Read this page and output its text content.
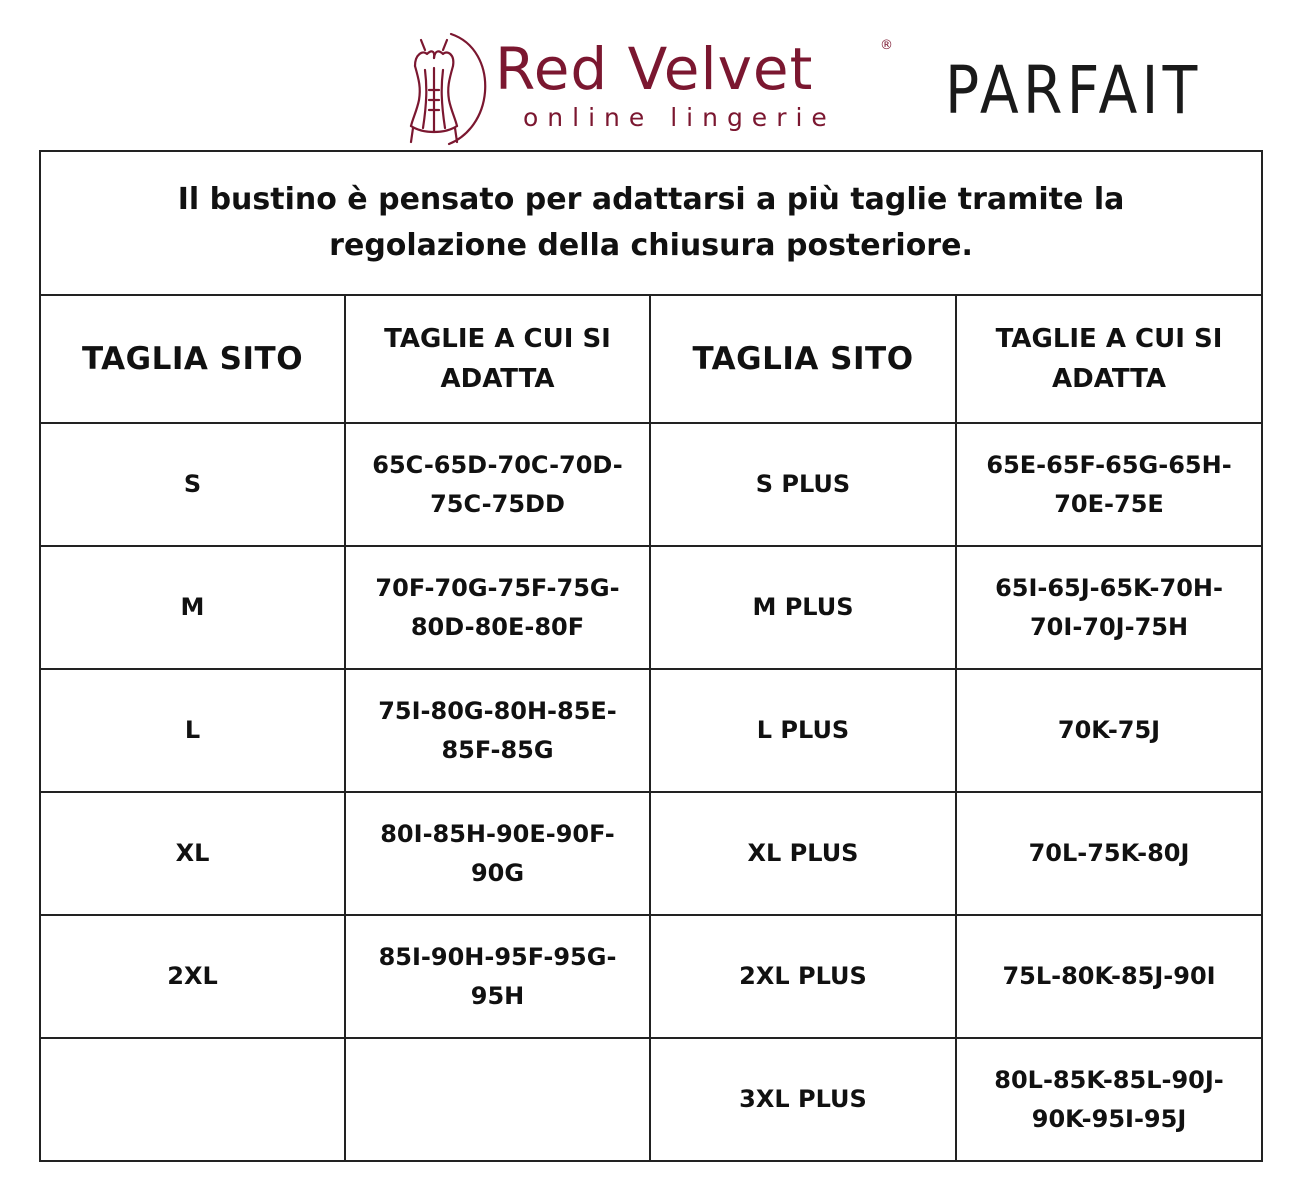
Red Velvet	®
online lingerie PARFAIT
Il bustino è pensato per adattarsi a più taglie tramite la regolazione della chiusura posteriore.			
TAGLIA SITO	TAGLIE A CUI SI ADATTA	TAGLIA SITO	TAGLIE A CUI SI ADATTA
S	65C-65D-70C-70D-75C-75DD	S PLUS	65E-65F-65G-65H-70E-75E
M	70F-70G-75F-75G-80D-80E-80F	M PLUS	65I-65J-65K-70H-70I-70J-75H
L	75I-80G-80H-85E-85F-85G	L PLUS	70K-75J
XL	80I-85H-90E-90F-90G	XL PLUS	70L-75K-80J
2XL	85I-90H-95F-95G-95H	2XL PLUS	75L-80K-85J-90I
		3XL PLUS	80L-85K-85L-90J-90K-95I-95J
